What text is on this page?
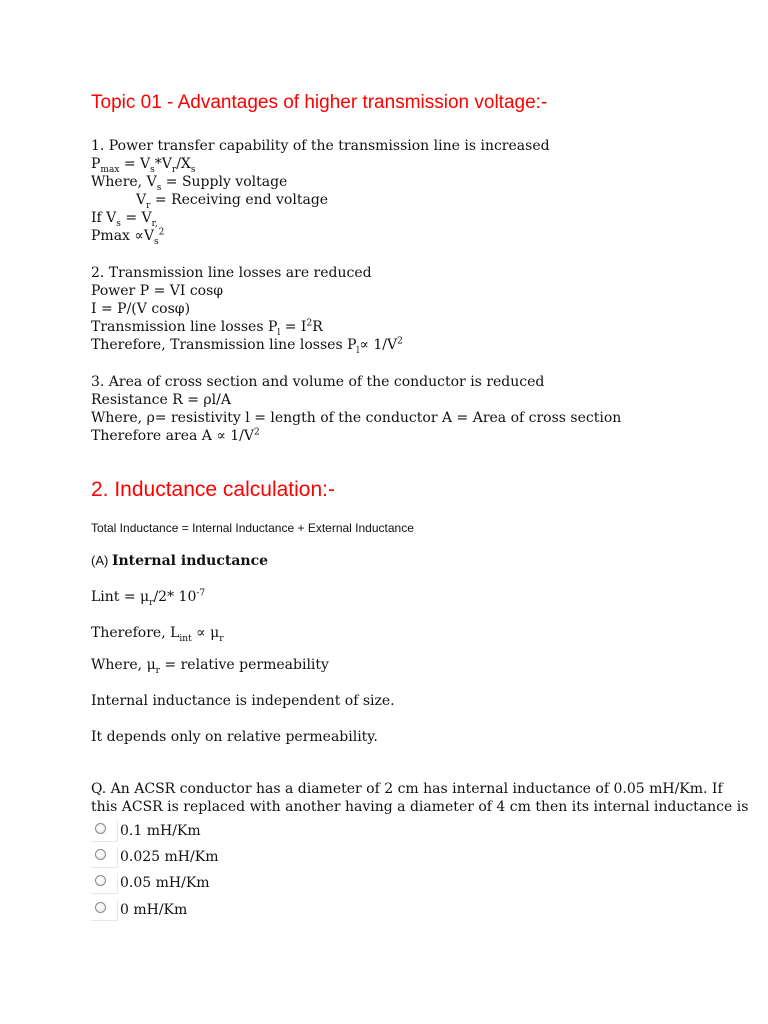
Topic 01 - Advantages of higher transmission voltage:-
1. Power transfer capability of the transmission line is increased
$P_{max} = V_s*V_r/X_s$
Where, $V_s$ = Supply voltage
$V_r$ = Receiving end voltage
If $V_s = V_{r,}$
$Pmax \propto V_s^2$
2. Transmission line losses are reduced
Power P = VI cosφ
I = P/(V cosφ)
Transmission line losses $P_l = I^2R$
Therefore, Transmission line losses $P_l\propto 1/V^2$
3. Area of cross section and volume of the conductor is reduced
Resistance R = ρl/A
Where, ρ= resistivity l = length of the conductor A = Area of cross section
Therefore area $A \propto 1/V^2$
2. Inductance calculation:-
Total Inductance = Internal Inductance + External Inductance
(A) Internal inductance
Lint = $\mu_r/2*$ $10^{-7}$
Therefore, $L_{int} \propto \mu_r$
Where, $\mu_r$ = relative permeability
Internal inductance is independent of size.
It depends only on relative permeability.
Q. An ACSR conductor has a diameter of 2 cm has internal inductance of 0.05 mH/Km. If
this ACSR is replaced with another having a diameter of 4 cm then its internal inductance is
0.1 mH/Km
0.025 mH/Km
0.05 mH/Km
0 mH/Km
